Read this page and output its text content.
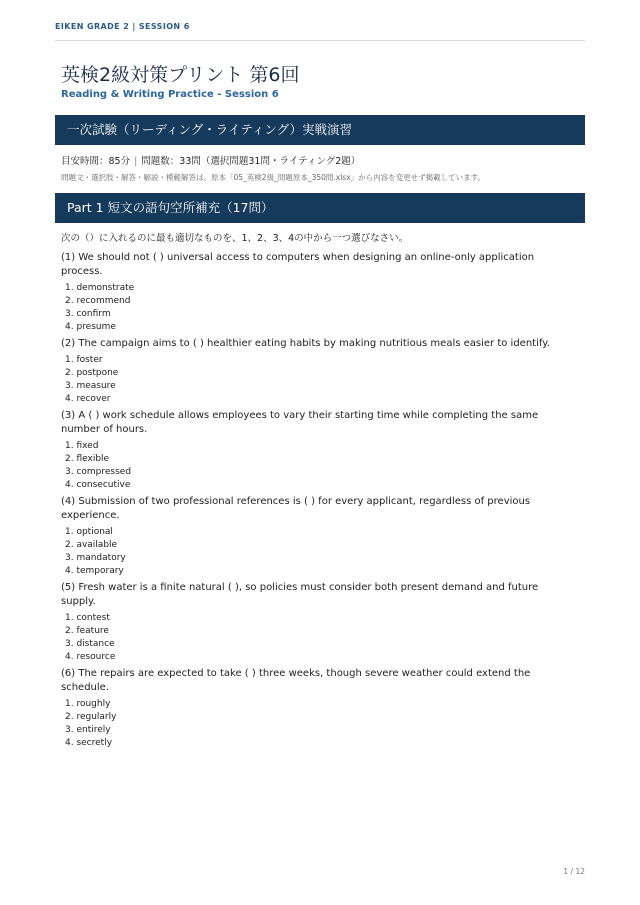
EIKEN GRADE 2 | SESSION 6
英検2級対策プリント 第6回
Reading & Writing Practice - Session 6
一次試験（リーディング・ライティング）実戦演習
目安時間：85分 | 問題数：33問（選択問題31問・ライティング2題）
問題文・選択肢・解答・解説・模範解答は、原本「05_英検2級_問題原本_350問.xlsx」から内容を変更せず掲載しています。
Part 1 短文の語句空所補充（17問）
次の（）に入れるのに最も適切なものを、1、2、3、4の中から一つ選びなさい。

(1) We should not ( ) universal access to computers when designing an online-only application process.

1. demonstrate
2. recommend
3. confirm
4. presume

(2) The campaign aims to ( ) healthier eating habits by making nutritious meals easier to identify.

1. foster
2. postpone
3. measure
4. recover

(3) A ( ) work schedule allows employees to vary their starting time while completing the same number of hours.

1. fixed
2. flexible
3. compressed
4. consecutive

(4) Submission of two professional references is ( ) for every applicant, regardless of previous experience.

1. optional
2. available
3. mandatory
4. temporary

(5) Fresh water is a finite natural ( ), so policies must consider both present demand and future supply.

1. contest
2. feature
3. distance
4. resource

(6) The repairs are expected to take ( ) three weeks, though severe weather could extend the schedule.

1. roughly
2. regularly
3. entirely
4. secretly
1 / 12
